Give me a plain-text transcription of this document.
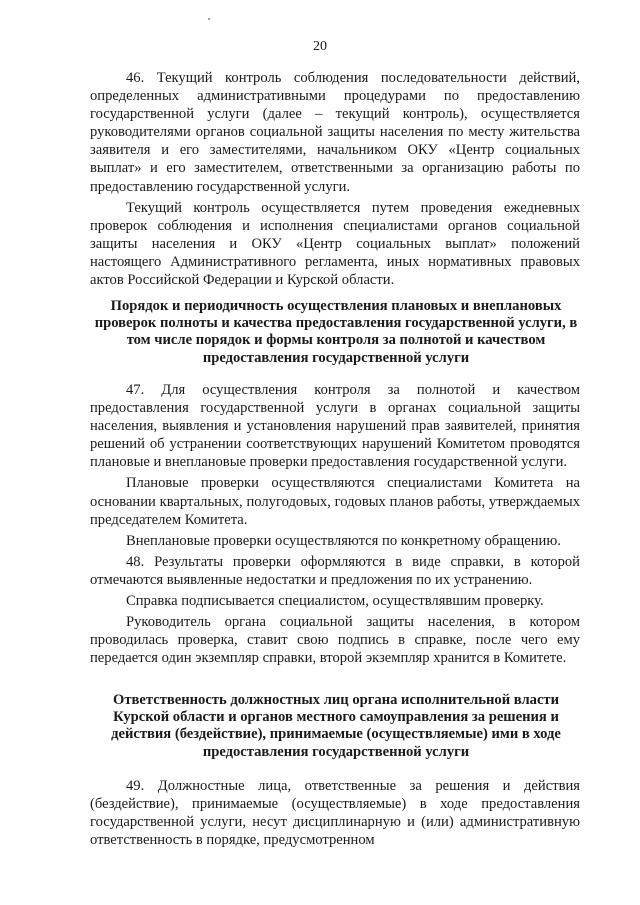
20

46. Текущий контроль соблюдения последовательности действий, определенных административными процедурами по предоставлению государственной услуги (далее – текущий контроль), осуществляется руководителями органов социальной защиты населения по месту жительства заявителя и его заместителями, начальником ОКУ «Центр социальных выплат» и его заместителем, ответственными за организацию работы по предоставлению государственной услуги.

Текущий контроль осуществляется путем проведения ежедневных проверок соблюдения и исполнения специалистами органов социальной защиты населения и ОКУ «Центр социальных выплат» положений настоящего Административного регламента, иных нормативных правовых актов Российской Федерации и Курской области.

Порядок и периодичность осуществления плановых и внеплановых проверок полноты и качества предоставления государственной услуги, в том числе порядок и формы контроля за полнотой и качеством предоставления государственной услуги

47. Для осуществления контроля за полнотой и качеством предоставления государственной услуги в органах социальной защиты населения, выявления и установления нарушений прав заявителей, принятия решений об устранении соответствующих нарушений Комитетом проводятся плановые и внеплановые проверки предоставления государственной услуги.

Плановые проверки осуществляются специалистами Комитета на основании квартальных, полугодовых, годовых планов работы, утверждаемых председателем Комитета.

Внеплановые проверки осуществляются по конкретному обращению.

48. Результаты проверки оформляются в виде справки, в которой отмечаются выявленные недостатки и предложения по их устранению.

Справка подписывается специалистом, осуществлявшим проверку.

Руководитель органа социальной защиты населения, в котором проводилась проверка, ставит свою подпись в справке, после чего ему передается один экземпляр справки, второй экземпляр хранится в Комитете.

Ответственность должностных лиц органа исполнительной власти Курской области и органов местного самоуправления за решения и действия (бездействие), принимаемые (осуществляемые) ими в ходе предоставления государственной услуги

49. Должностные лица, ответственные за решения и действия (бездействие), принимаемые (осуществляемые) в ходе предоставления государственной услуги, несут дисциплинарную и (или) административную ответственность в порядке, предусмотренном
